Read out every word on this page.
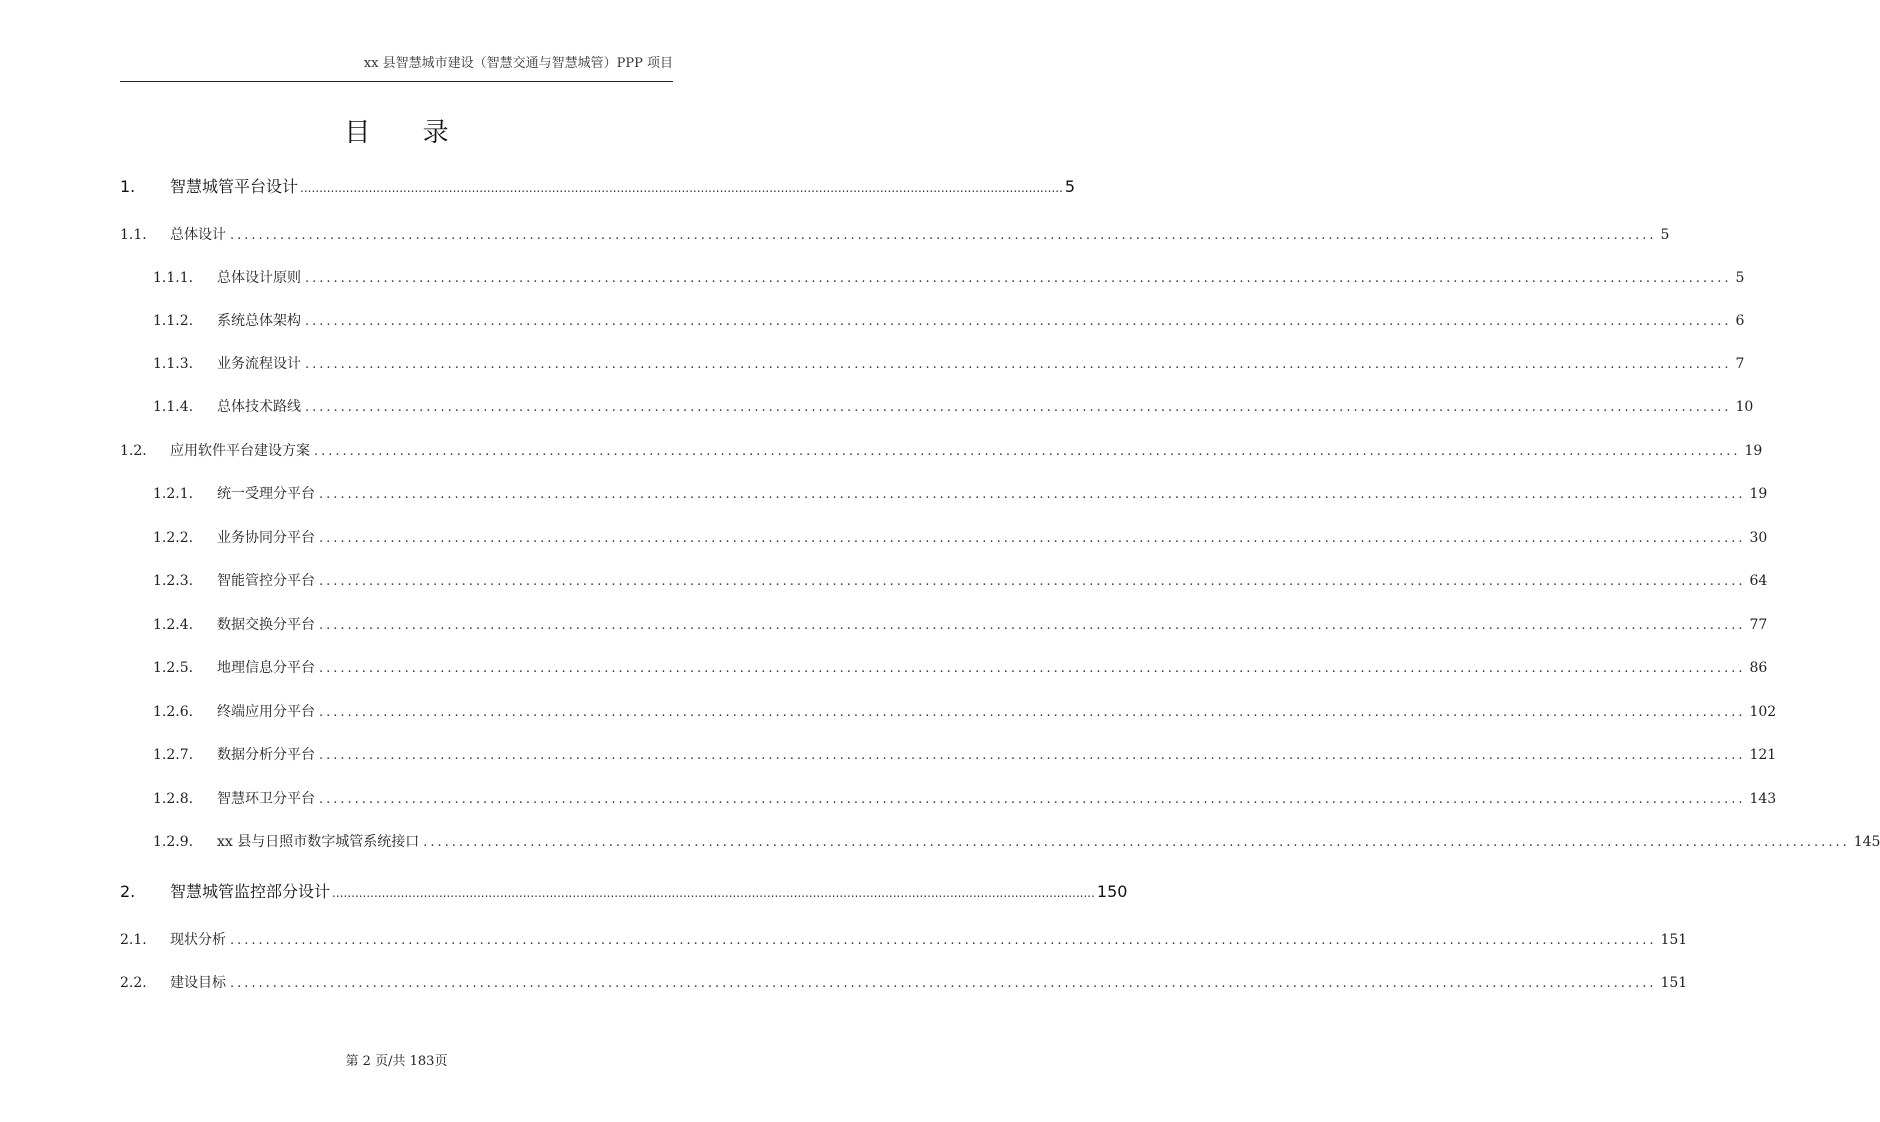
xx 县智慧城市建设（智慧交通与智慧城管）PPP 项目
目 录
1.	智慧城管平台设计 ........................................................................................................................................................................................................ 5
1.1.	总体设计 ........................................................................................................................................................................................................ 5
1.1.1.	总体设计原则 ........................................................................................................................................................................................................ 5
1.1.2.	系统总体架构 ........................................................................................................................................................................................................ 6
1.1.3.	业务流程设计 ........................................................................................................................................................................................................ 7
1.1.4.	总体技术路线 ........................................................................................................................................................................................................ 10
1.2.	应用软件平台建设方案 ........................................................................................................................................................................................................ 19
1.2.1.	统一受理分平台 ........................................................................................................................................................................................................ 19
1.2.2.	业务协同分平台 ........................................................................................................................................................................................................ 30
1.2.3.	智能管控分平台 ........................................................................................................................................................................................................ 64
1.2.4.	数据交换分平台 ........................................................................................................................................................................................................ 77
1.2.5.	地理信息分平台 ........................................................................................................................................................................................................ 86
1.2.6.	终端应用分平台 ........................................................................................................................................................................................................ 102
1.2.7.	数据分析分平台 ........................................................................................................................................................................................................ 121
1.2.8.	智慧环卫分平台 ........................................................................................................................................................................................................ 143
1.2.9.	xx 县与日照市数字城管系统接口 ........................................................................................................................................................................................................ 145
2.	智慧城管监控部分设计 ........................................................................................................................................................................................................ 150
2.1.	现状分析 ........................................................................................................................................................................................................ 151
2.2.	建设目标 ........................................................................................................................................................................................................ 151
第 2 页/共 183页
